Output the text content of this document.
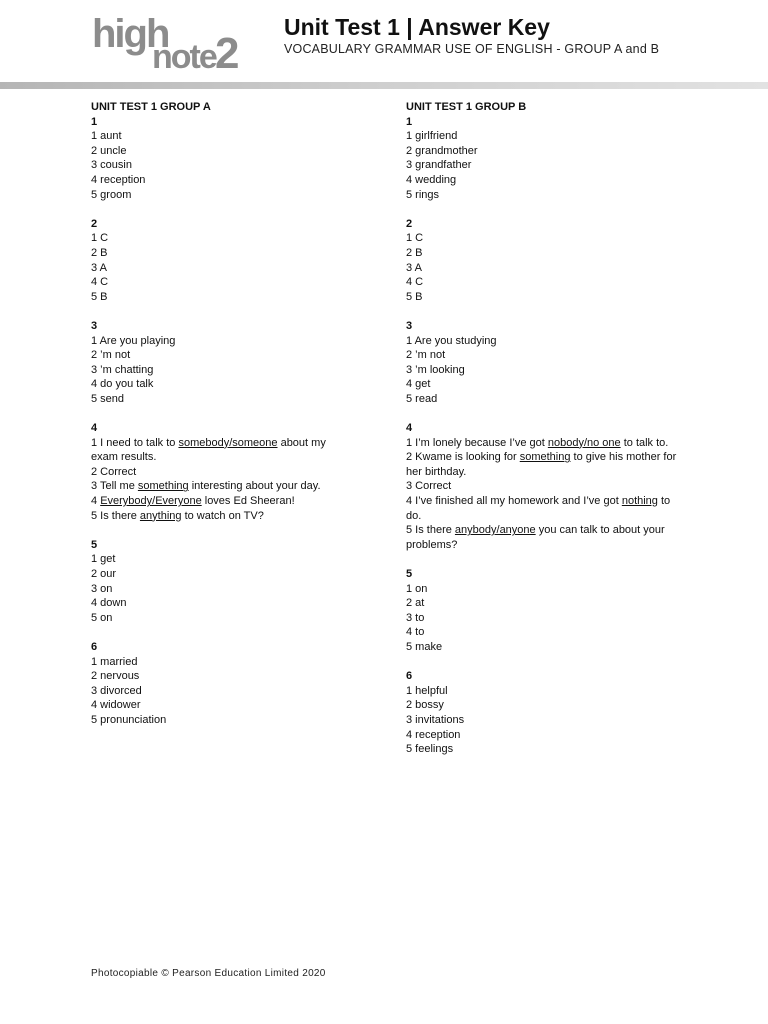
high
note 2
Unit Test 1 | Answer Key
VOCABULARY GRAMMAR USE OF ENGLISH - GROUP A and B
UNIT TEST 1 GROUP A
1
1 aunt
2 uncle
3 cousin
4 reception
5 groom
2
1 C
2 B
3 A
4 C
5 B
3
1 Are you playing
2 ’m not
3 ’m chatting
4 do you talk
5 send
4
1 I need to talk to somebody/someone about my exam results.
2 Correct
3 Tell me something interesting about your day.
4 Everybody/Everyone loves Ed Sheeran!
5 Is there anything to watch on TV?
5
1 get
2 our
3 on
4 down
5 on
6
1 married
2 nervous
3 divorced
4 widower
5 pronunciation
UNIT TEST 1 GROUP B
1
1 girlfriend
2 grandmother
3 grandfather
4 wedding
5 rings
2
1 C
2 B
3 A
4 C
5 B
3
1 Are you studying
2 ’m not
3 ’m looking
4 get
5 read
4
1 I’m lonely because I’ve got nobody/no one to talk to.
2 Kwame is looking for something to give his mother for her birthday.
3 Correct
4 I’ve finished all my homework and I’ve got nothing to do.
5 Is there anybody/anyone you can talk to about your problems?
5
1 on
2 at
3 to
4 to
5 make
6
1 helpful
2 bossy
3 invitations
4 reception
5 feelings
Photocopiable © Pearson Education Limited 2020
